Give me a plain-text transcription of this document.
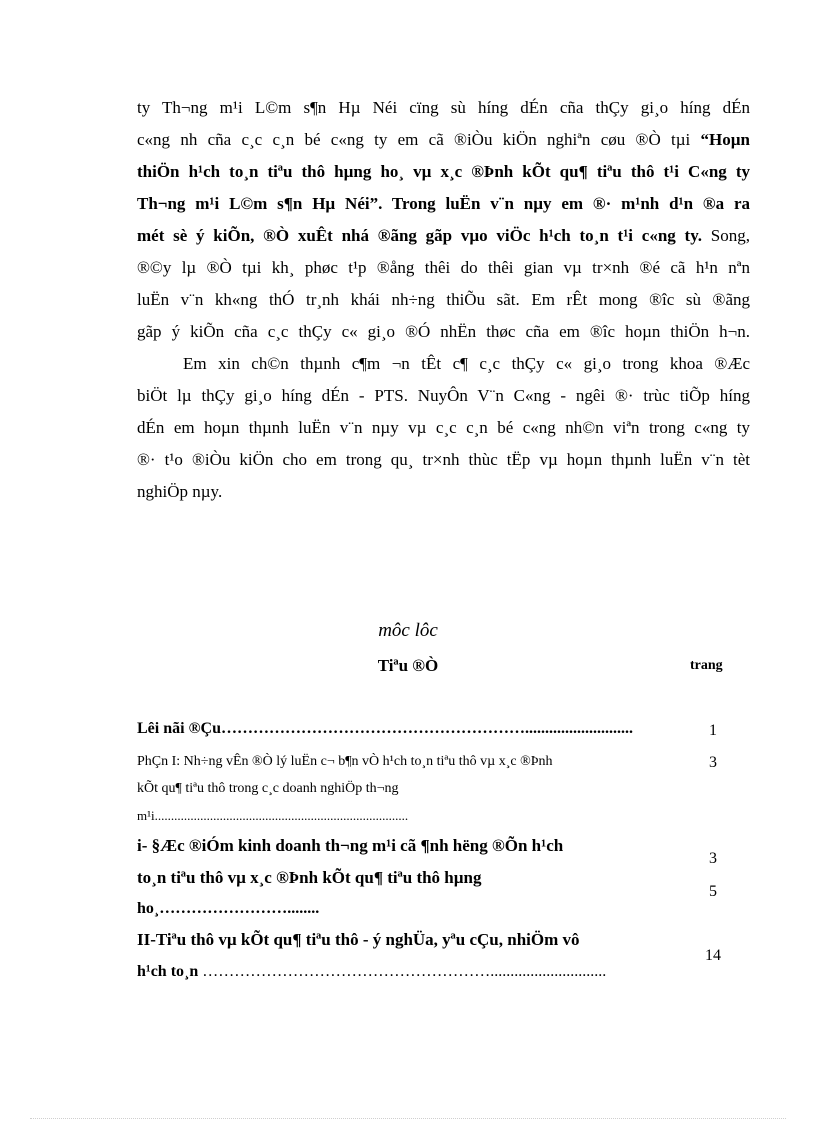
ty Th¬ng m¹i L©m s¶n Hµ Néi cïng sù híng dÉn cña thÇy gi¸o híng dÉn
c«ng nh cña c¸c c¸n bé c«ng ty em cã ®iÒu kiÖn nghiªn cøu ®Ò tµi “Hoµn
thiÖn h¹ch to¸n tiªu thô hµng ho¸ vµ x¸c ®Þnh kÕt qu¶ tiªu thô t¹i C«ng ty
Th¬ng m¹i L©m s¶n Hµ Néi”. Trong luËn v¨n nµy em ®· m¹nh d¹n ®a ra
mét sè ý kiÕn, ®Ò xuÊt nhá ®ãng gãp vµo viÖc h¹ch to¸n t¹i c«ng ty. Song,
®©y lµ ®Ò tµi kh¸ phøc t¹p ®ång thêi do thêi gian vµ tr×nh ®é cã h¹n nªn
luËn v¨n kh«ng thÓ tr¸nh khái nh÷ng thiÕu sãt. Em rÊt mong ®îc sù ®ãng
gãp ý kiÕn cña c¸c thÇy c« gi¸o ®Ó nhËn thøc cña em ®îc hoµn thiÖn h¬n.
Em xin ch©n thµnh c¶m ¬n tÊt c¶ c¸c thÇy c« gi¸o trong khoa ®Æc
biÖt lµ thÇy gi¸o híng dÉn - PTS. NuyÔn V¨n C«ng - ngêi ®· trùc tiÕp híng
dÉn em hoµn thµnh luËn v¨n nµy vµ c¸c c¸n bé c«ng nh©n viªn trong c«ng ty
®· t¹o ®iÒu kiÖn cho em trong qu¸ tr×nh thùc tËp vµ hoµn thµnh luËn v¨n tèt
nghiÖp nµy.
môc lôc
Tiªu ®Ò	trang
Lêi nãi ®Çu…………………………………………………...........................
PhÇn I: Nh÷ng vÊn ®Ò lý luËn c¬ b¶n vÒ h¹ch to¸n tiªu thô vµ x¸c ®Þnh
kÕt qu¶ tiªu thô trong c¸c doanh nghiÖp th¬ng
m¹i..............................................................................
i- §Æc ®iÓm kinh doanh th¬ng m¹i cã ¶nh hëng ®Õn h¹ch
to¸n tiªu thô vµ x¸c ®Þnh kÕt qu¶ tiªu thô hµng
ho¸……………………........
II-Tiªu thô vµ kÕt qu¶ tiªu thô - ý nghÜa, yªu cÇu, nhiÖm vô
h¹ch to¸n ……………………………………………….............................
1
3
3
5
14
